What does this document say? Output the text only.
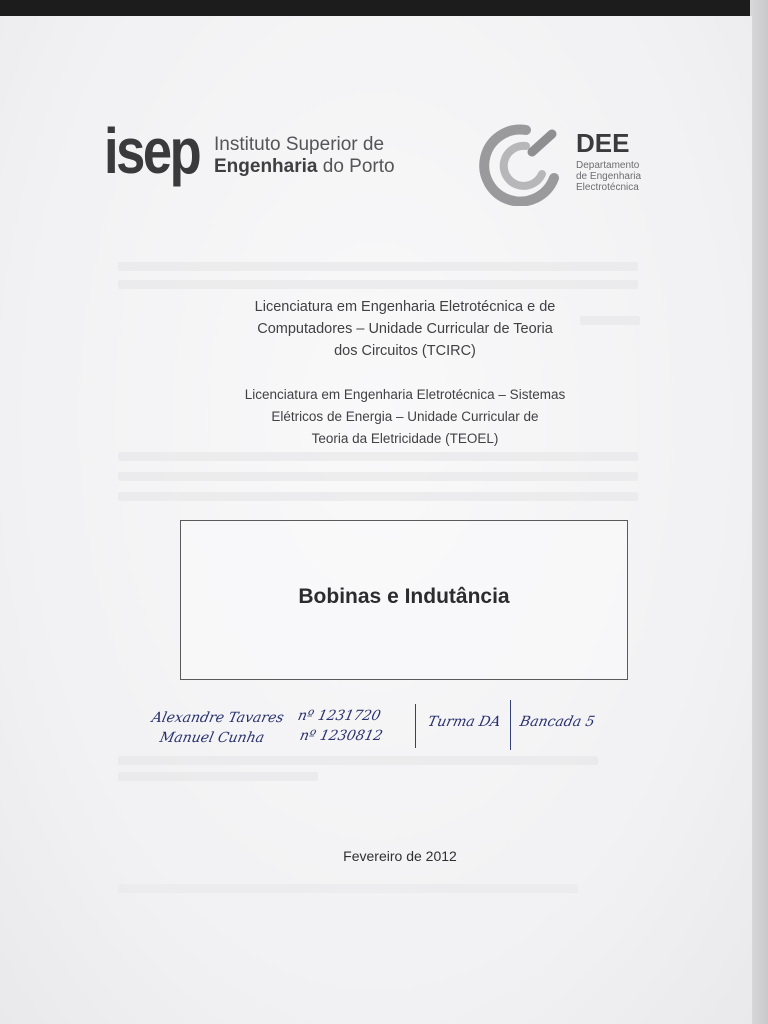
isep Instituto Superior de
Engenharia do Porto
DEE
Departamento
de Engenharia
Electrotécnica
Licenciatura em Engenharia Eletrotécnica e de
Computadores – Unidade Curricular de Teoria
dos Circuitos (TCIRC)
Licenciatura em Engenharia Eletrotécnica – Sistemas
Elétricos de Energia – Unidade Curricular de
Teoria da Eletricidade (TEOEL)
Bobinas e Indutância
Alexandre Tavares nº 1231720
Manuel Cunha nº 1230812
Turma DA Bancada 5
Fevereiro de 2012
